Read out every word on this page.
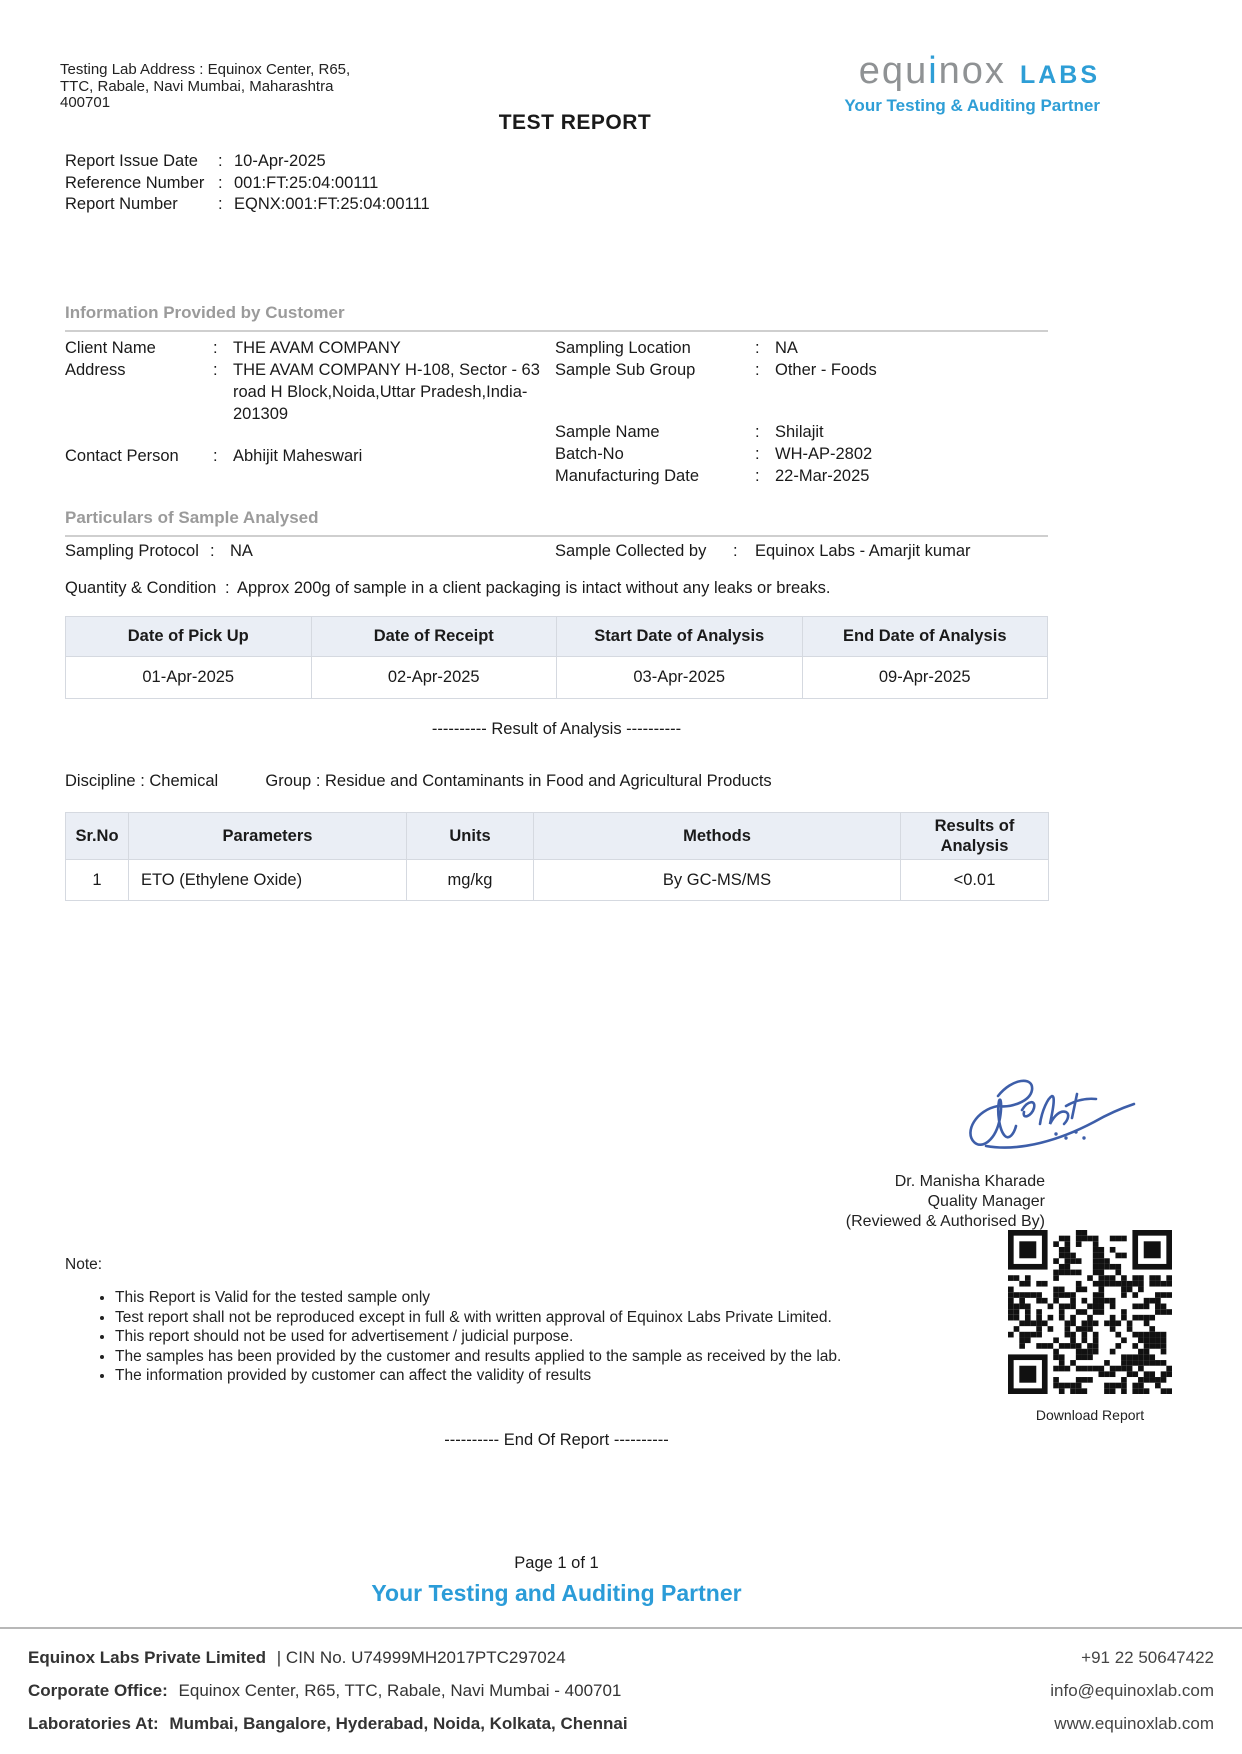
Testing Lab Address : Equinox Center, R65,
TTC, Rabale, Navi Mumbai, Maharashtra
400701
equinox LABS
Your Testing & Auditing Partner
TEST REPORT
Report Issue Date	: 10-Apr-2025
Reference Number : 001:FT:25:04:00111
Report Number	: EQNX:001:FT:25:04:00111
Information Provided by Customer
Client Name	: THE AVAM COMPANY
Address	: THE AVAM COMPANY H-108, Sector - 63 road H Block,Noida,Uttar Pradesh,India-201309
Contact Person	: Abhijit Maheswari
Sampling Location	: NA
Sample Sub Group	: Other - Foods
Sample Name	: Shilajit
Batch-No	: WH-AP-2802
Manufacturing Date	: 22-Mar-2025
Particulars of Sample Analysed
Sampling Protocol : NA	Sample Collected by	:	Equinox Labs - Amarjit kumar
Quantity & Condition : Approx 200g of sample in a client packaging is intact without any leaks or breaks.
Date of Pick Up	Date of Receipt	Start Date of Analysis	End Date of Analysis
01-Apr-2025	02-Apr-2025	03-Apr-2025	09-Apr-2025
---------- Result of Analysis ----------
Discipline : Chemical	Group : Residue and Contaminants in Food and Agricultural Products
Sr.No	Parameters	Units	Methods	Results of Analysis
1	ETO (Ethylene Oxide)	mg/kg	By GC-MS/MS	<0.01
Dr. Manisha Kharade
Quality Manager
(Reviewed & Authorised By)
Note:
• This Report is Valid for the tested sample only
• Test report shall not be reproduced except in full & with written approval of Equinox Labs Private Limited.
• This report should not be used for advertisement / judicial purpose.
• The samples has been provided by the customer and results applied to the sample as received by the lab.
• The information provided by customer can affect the validity of results
Download Report
---------- End Of Report ----------
Page 1 of 1
Your Testing and Auditing Partner
Equinox Labs Private Limited | CIN No. U74999MH2017PTC297024	+91 22 50647422
Corporate Office: Equinox Center, R65, TTC, Rabale, Navi Mumbai - 400701	info@equinoxlab.com
Laboratories At: Mumbai, Bangalore, Hyderabad, Noida, Kolkata, Chennai	www.equinoxlab.com
